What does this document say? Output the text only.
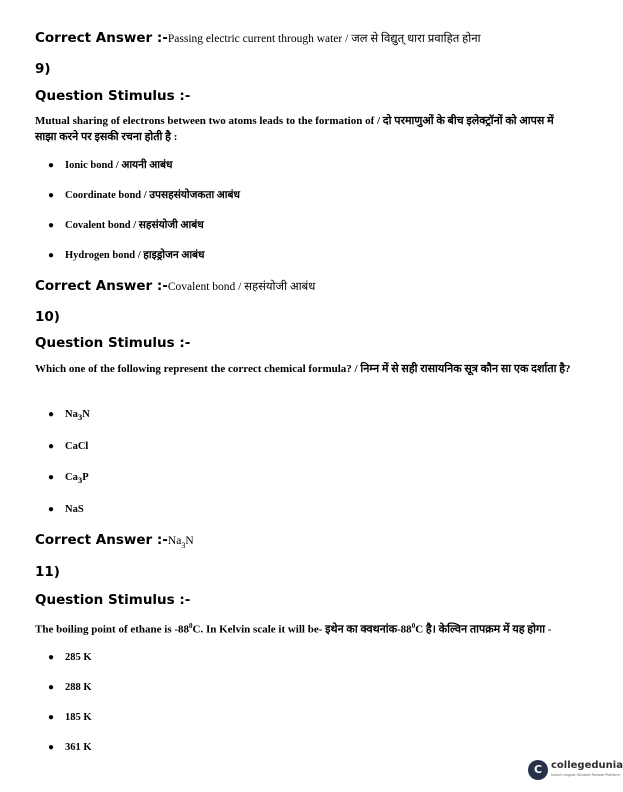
Correct Answer :-Passing electric current through water / जल से विद्युत् धारा प्रवाहित होना
9)
Question Stimulus :-
Mutual sharing of electrons between two atoms leads to the formation of / दो परमाणुओं के बीच इलेक्ट्रॉनों को आपस में साझा करने पर इसकी रचना होती है :
● Ionic bond / आयनी आबंध
● Coordinate bond / उपसहसंयोजकता आबंध
● Covalent bond / सहसंयोजी आबंध
● Hydrogen bond / हाइड्रोजन आबंध
Correct Answer :-Covalent bond / सहसंयोजी आबंध
10)
Question Stimulus :-
Which one of the following represent the correct chemical formula? / निम्न में से सही रासायनिक सूत्र कौन सा एक दर्शाता है?
● $Na_3N$
● CaCl
● $Ca_3P$
● NaS
Correct Answer $:-Na_3N$
11)
Question Stimulus :-
The boiling point of ethane is $-88^0C$. In Kelvin scale it will be- इथेन का $क्वथनांक-88^0C$ है। केल्विन तापक्रम में यह होगा -
● 285 K
● 288 K
● 185 K
● 361 K
C collegedunia
India's largest Student Review Platform
